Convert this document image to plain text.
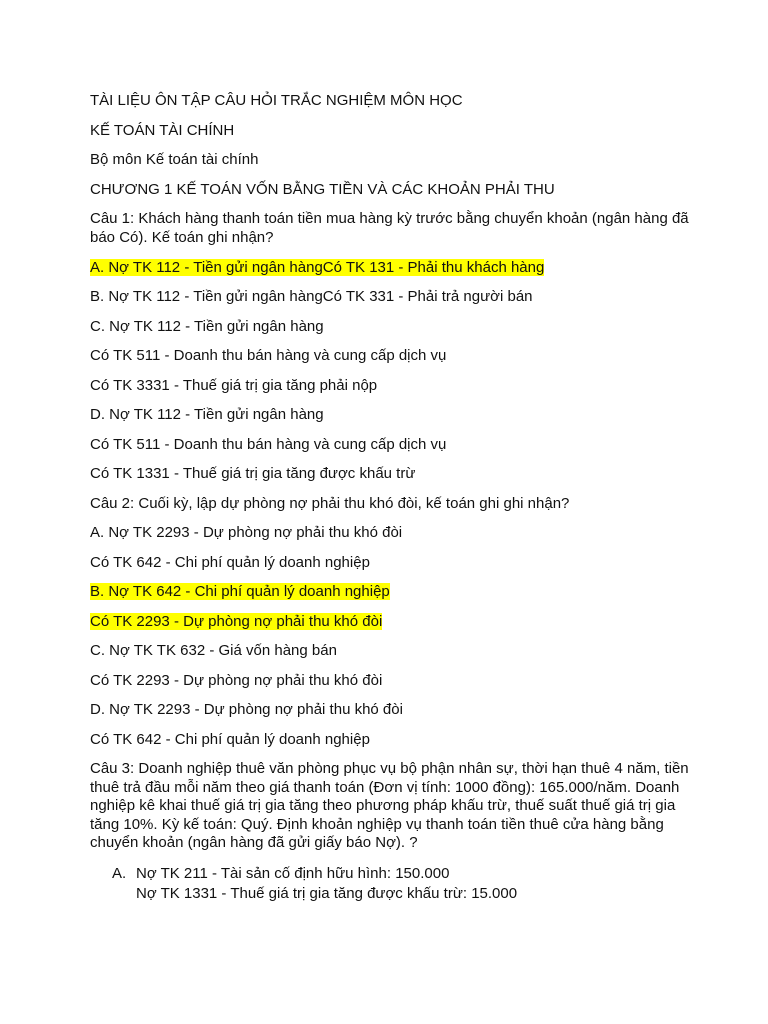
TÀI LIỆU ÔN TẬP CÂU HỎI TRẮC NGHIỆM MÔN HỌC
KẾ TOÁN TÀI CHÍNH
Bộ môn Kế toán tài chính
CHƯƠNG 1 KẾ TOÁN VỐN BẰNG TIỀN VÀ CÁC KHOẢN PHẢI THU
Câu 1: Khách hàng thanh toán tiền mua hàng kỳ trước bằng chuyển khoản (ngân hàng đã báo Có). Kế toán ghi nhận?
A. Nợ TK 112 - Tiền gửi ngân hàngCó TK 131 - Phải thu khách hàng
B. Nợ TK 112 - Tiền gửi ngân hàngCó TK 331 - Phải trả người bán
C. Nợ TK 112 - Tiền gửi ngân hàng
Có TK 511 - Doanh thu bán hàng và cung cấp dịch vụ
Có TK 3331 - Thuế giá trị gia tăng phải nộp
D. Nợ TK 112 - Tiền gửi ngân hàng
Có TK 511 - Doanh thu bán hàng và cung cấp dịch vụ
Có TK 1331 - Thuế giá trị gia tăng được khấu trừ
Câu 2: Cuối kỳ, lập dự phòng nợ phải thu khó đòi, kế toán ghi ghi nhận?
A. Nợ TK 2293 - Dự phòng nợ phải thu khó đòi
Có TK 642 - Chi phí quản lý doanh nghiệp
B. Nợ TK 642 - Chi phí quản lý doanh nghiệp
Có TK 2293 - Dự phòng nợ phải thu khó đòi
C. Nợ TK TK 632 - Giá vốn hàng bán
Có TK 2293 - Dự phòng nợ phải thu khó đòi
D. Nợ TK 2293 - Dự phòng nợ phải thu khó đòi
Có TK 642 - Chi phí quản lý doanh nghiệp
Câu 3: Doanh nghiệp thuê văn phòng phục vụ bộ phận nhân sự, thời hạn thuê 4 năm, tiền thuê trả đầu mỗi năm theo giá thanh toán (Đơn vị tính: 1000 đồng): 165.000/năm. Doanh nghiệp kê khai thuế giá trị gia tăng theo phương pháp khấu trừ, thuế suất thuế giá trị gia tăng 10%. Kỳ kế toán: Quý. Định khoản nghiệp vụ thanh toán tiền thuê cửa hàng bằng chuyển khoản (ngân hàng đã gửi giấy báo Nợ). ?
A. Nợ TK 211 - Tài sản cố định hữu hình: 150.000
Nợ TK 1331 - Thuế giá trị gia tăng được khấu trừ: 15.000
